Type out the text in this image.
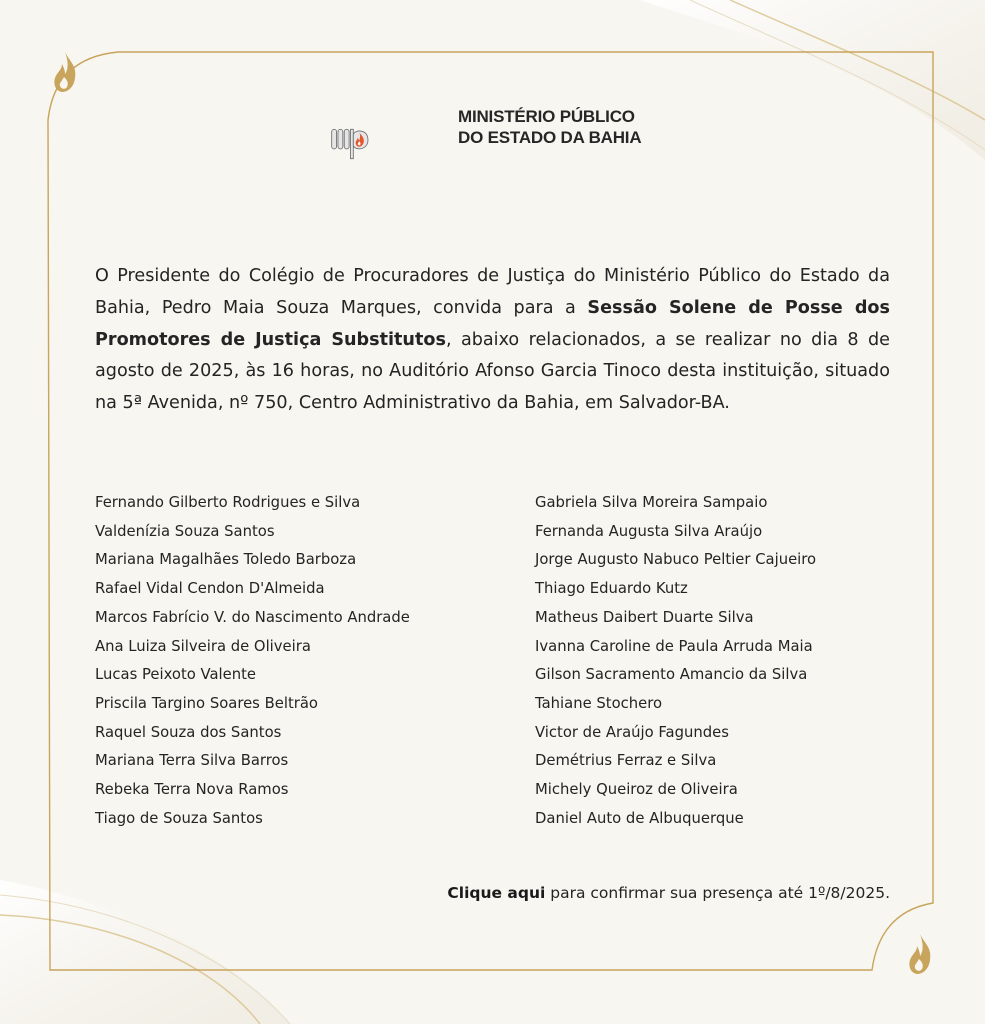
MINISTÉRIO PÚBLICO
DO ESTADO DA BAHIA

O Presidente do Colégio de Procuradores de Justiça do Ministério Público do Estado da Bahia, Pedro Maia Souza Marques, convida para a Sessão Solene de Posse dos Promotores de Justiça Substitutos, abaixo relacionados, a se realizar no dia 8 de agosto de 2025, às 16 horas, no Auditório Afonso Garcia Tinoco desta instituição, situado na 5ª Avenida, nº 750, Centro Administrativo da Bahia, em Salvador-BA.

Fernando Gilberto Rodrigues e Silva
Valdenízia Souza Santos
Mariana Magalhães Toledo Barboza
Rafael Vidal Cendon D'Almeida
Marcos Fabrício V. do Nascimento Andrade
Ana Luiza Silveira de Oliveira
Lucas Peixoto Valente
Priscila Targino Soares Beltrão
Raquel Souza dos Santos
Mariana Terra Silva Barros
Rebeka Terra Nova Ramos
Tiago de Souza Santos
Gabriela Silva Moreira Sampaio
Fernanda Augusta Silva Araújo
Jorge Augusto Nabuco Peltier Cajueiro
Thiago Eduardo Kutz
Matheus Daibert Duarte Silva
Ivanna Caroline de Paula Arruda Maia
Gilson Sacramento Amancio da Silva
Tahiane Stochero
Victor de Araújo Fagundes
Demétrius Ferraz e Silva
Michely Queiroz de Oliveira
Daniel Auto de Albuquerque
Clique aqui para confirmar sua presença até 1º/8/2025.
